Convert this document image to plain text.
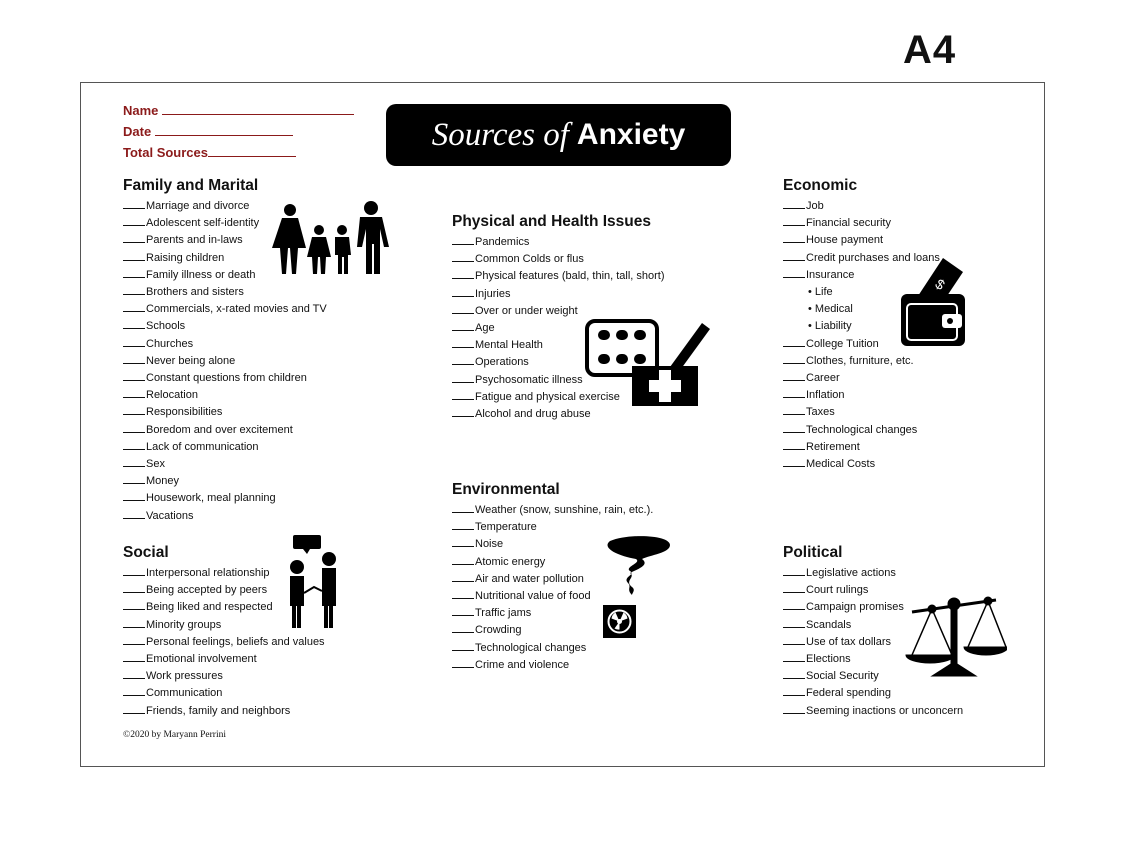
A4
Name
Date
Total Sources	Sources of Anxiety
Family and Marital
Marriage and divorce
Adolescent self-identity
Parents and in-laws
Raising children
Family illness or death
Brothers and sisters
Commercials, x-rated movies and TV
Schools
Churches
Never being alone
Constant questions from children
Relocation
Responsibilities
Boredom and over excitement
Lack of communication
Sex
Money
Housework, meal planning
Vacations
Social
Interpersonal relationship
Being accepted by peers
Being liked and respected
Minority groups
Personal feelings, beliefs and values
Emotional involvement
Work pressures
Communication
Friends, family and neighbors
Physical and Health Issues
Pandemics
Common Colds or flus
Physical features (bald, thin, tall, short)
Injuries
Over or under weight
Age
Mental Health
Operations
Psychosomatic illness
Fatigue and physical exercise
Alcohol and drug abuse
Environmental
Weather (snow, sunshine, rain, etc.).
Temperature
Noise
Atomic energy
Air and water pollution
Nutritional value of food
Traffic jams
Crowding
Technological changes
Crime and violence
Economic
Job
Financial security
House payment
Credit purchases and loans
Insurance
• Life
• Medical
• Liability
College Tuition
Clothes, furniture, etc.
Career
Inflation
Taxes
Technological changes
Retirement
Medical Costs
Political
Legislative actions
Court rulings
Campaign promises
Scandals
Use of tax dollars
Elections
Social Security
Federal spending
Seeming inactions or unconcern
$
©2020 by Maryann Perrini
